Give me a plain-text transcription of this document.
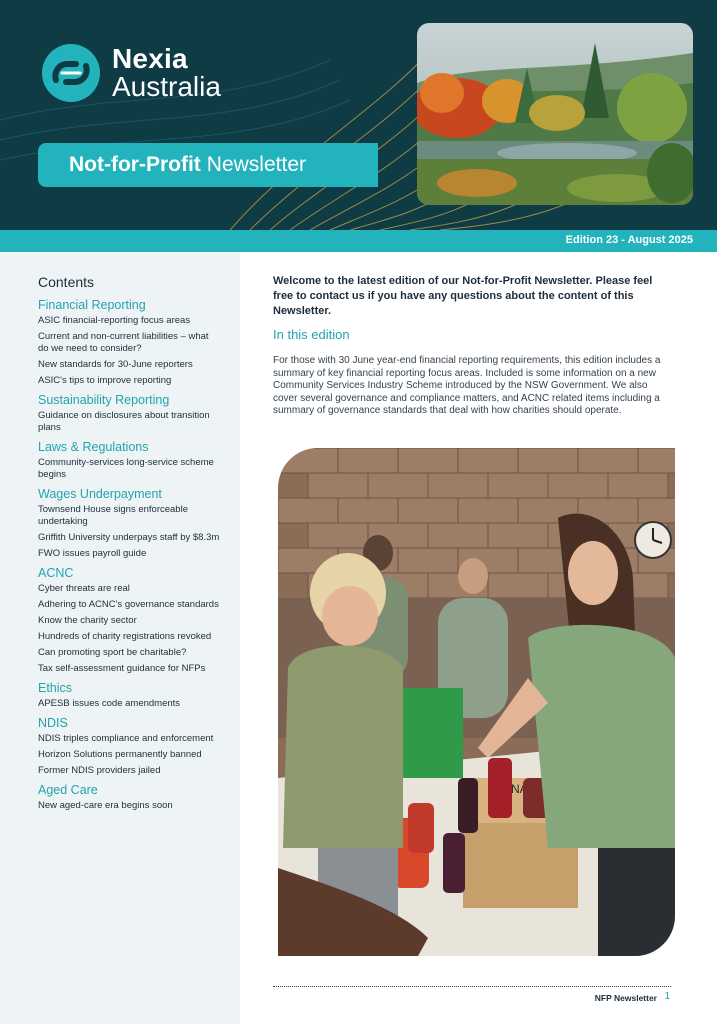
Nexia
Australia
Not-for-Profit Newsletter
Edition 23 - August 2025
Contents
Financial Reporting
ASIC financial-reporting focus areas
Current and non-current liabilities – what do we need to consider?
New standards for 30-June reporters
ASIC's tips to improve reporting
Sustainability Reporting
Guidance on disclosures about transition plans
Laws & Regulations
Community-services long-service scheme begins
Wages Underpayment
Townsend House signs enforceable undertaking
Griffith University underpays staff by $8.3m
FWO issues payroll guide
ACNC
Cyber threats are real
Adhering to ACNC's governance standards
Know the charity sector
Hundreds of charity registrations revoked
Can promoting sport be charitable?
Tax self-assessment guidance for NFPs
Ethics
APESB issues code amendments
NDIS
NDIS triples compliance and enforcement
Horizon Solutions permanently banned
Former NDIS providers jailed
Aged Care
New aged-care era begins soon
Welcome to the latest edition of our Not-for-Profit Newsletter. Please feel free to contact us if you have any questions about the content of this Newsletter.
In this edition
For those with 30 June year-end financial reporting requirements, this edition includes a summary of key financial reporting focus areas. Included is some information on a new Community Services Industry Scheme introduced by the NSW Government. We also cover several governance and compliance matters, and ACNC related items including a summary of governance standards that deal with how charities should operate.
NFP Newsletter 1
